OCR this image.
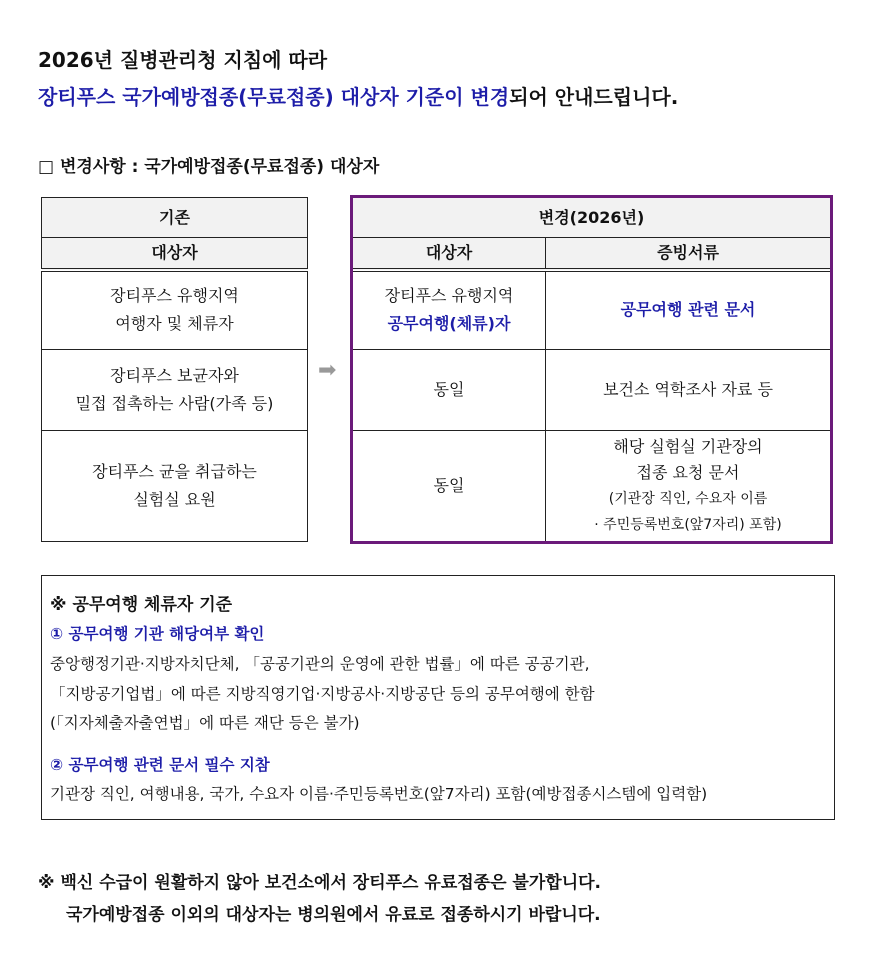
2026년 질병관리청 지침에 따라
장티푸스 국가예방접종(무료접종) 대상자 기준이 변경되어 안내드립니다.
□ 변경사항 : 국가예방접종(무료접종) 대상자
기존
대상자

장티푸스 유행지역
여행자 및 체류자

장티푸스 보균자와
밀접 접촉하는 사람(가족 등)

장티푸스 균을 취급하는
실험실 요원
➡
변경(2026년)	
대상자	증빙서류

장티푸스 유행지역
공무여행(체류)자	공무여행 관련 문서
동일	보건소 역학조사 자료 등
동일	해당 실험실 기관장의
접종 요청 문서
(기관장 직인, 수요자 이름
· 주민등록번호(앞7자리) 포함)
※ 공무여행 체류자 기준
① 공무여행 기관 해당여부 확인
중앙행정기관·지방자치단체, 「공공기관의 운영에 관한 법률」에 따른 공공기관,
「지방공기업법」에 따른 지방직영기업·지방공사·지방공단 등의 공무여행에 한함
(「지자체출자출연법」에 따른 재단 등은 불가)
② 공무여행 관련 문서 필수 지참
기관장 직인, 여행내용, 국가, 수요자 이름·주민등록번호(앞7자리) 포함(예방접종시스템에 입력함)
※ 백신 수급이 원활하지 않아 보건소에서 장티푸스 유료접종은 불가합니다.
국가예방접종 이외의 대상자는 병의원에서 유료로 접종하시기 바랍니다.
